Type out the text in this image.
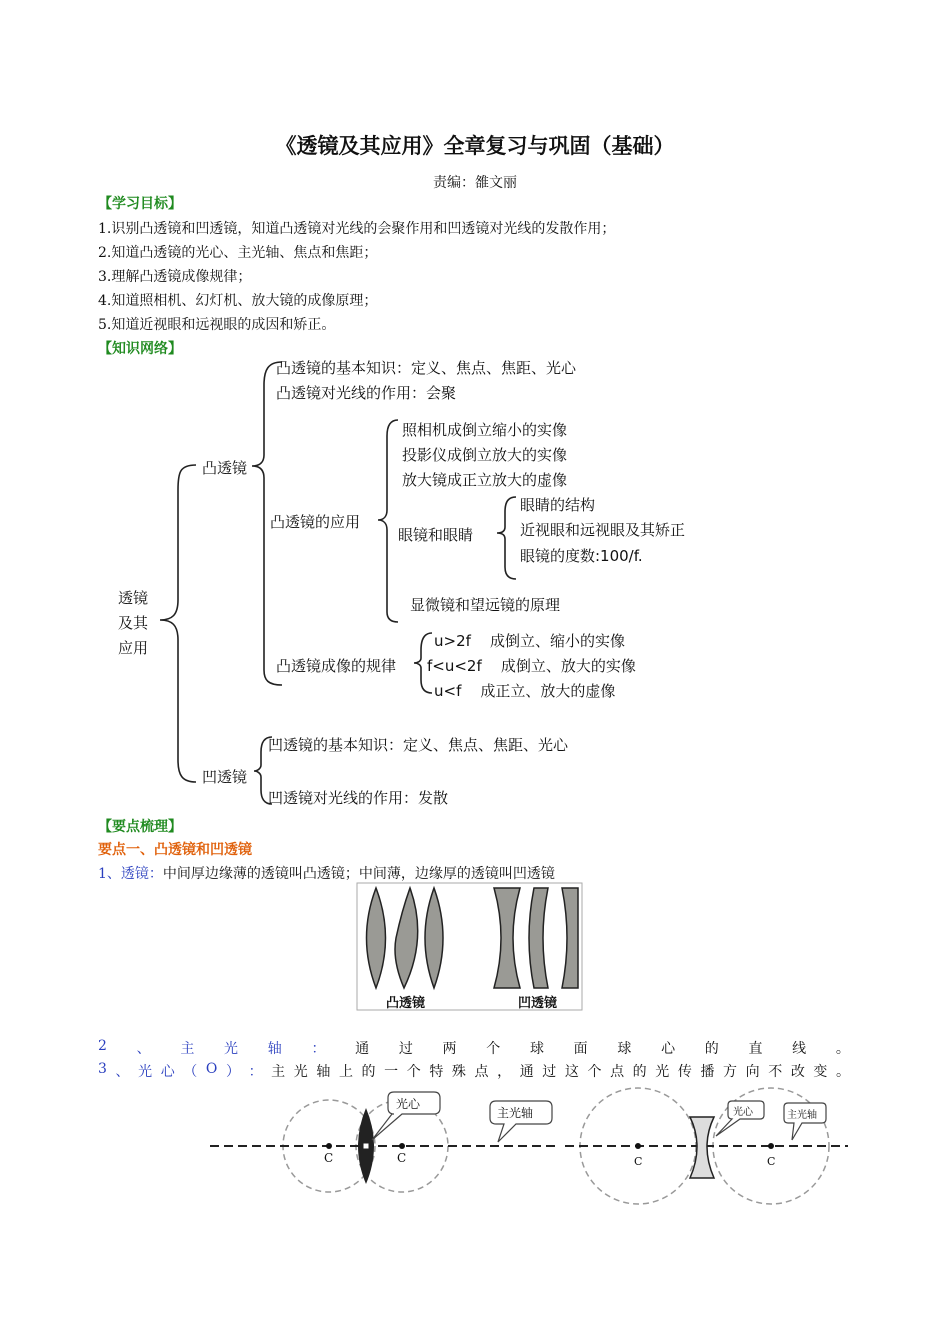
《透镜及其应用》全章复习与巩固（基础）
责编：雒文丽
【学习目标】
1.识别凸透镜和凹透镜，知道凸透镜对光线的会聚作用和凹透镜对光线的发散作用；
2.知道凸透镜的光心、主光轴、焦点和焦距；
3.理解凸透镜成像规律；
4.知道照相机、幻灯机、放大镜的成像原理；
5.知道近视眼和远视眼的成因和矫正。
【知识网络】
透镜
及其
应用
凸透镜
凸透镜的基本知识：定义、焦点、焦距、光心
凸透镜对光线的作用：会聚
凸透镜的应用
照相机成倒立缩小的实像
投影仪成倒立放大的实像
放大镜成正立放大的虚像
眼镜和眼睛
眼睛的结构
近视眼和远视眼及其矫正
眼镜的度数:100/f.
显微镜和望远镜的原理
凸透镜成像的规律
u>2f    成倒立、缩小的实像
f<u<2f    成倒立、放大的实像
u<f    成正立、放大的虚像
凹透镜
凹透镜的基本知识：定义、焦点、焦距、光心
凹透镜对光线的作用：发散
【要点梳理】
要点一、凸透镜和凹透镜
1、透镜：中间厚边缘薄的透镜叫凸透镜；中间薄，边缘厚的透镜叫凹透镜
凸透镜	凹透镜
2 、 主 光 轴 ： 通 过 两 个 球 面 球 心 的 直 线 。
3 、 光 心 （ O ） ： 主 光 轴 上 的 一 个 特 殊 点 ， 通 过 这 个 点 的 光 传 播 方 向 不 改 变 。
光心
主光轴	光心	主光轴
C	C	C	C
